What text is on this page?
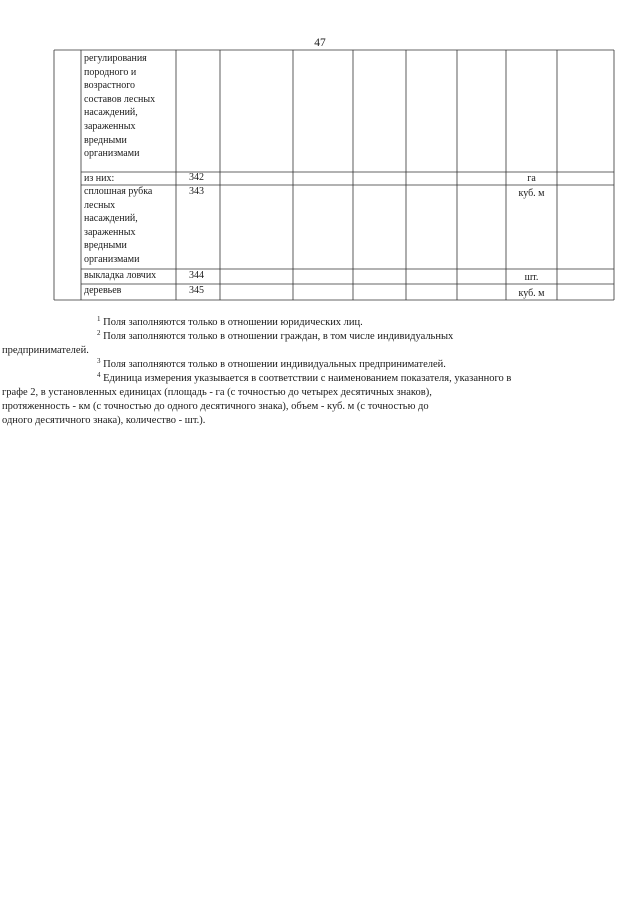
47
регулирования
породного и
возрастного
составов лесных
насаждений,
зараженных
вредными
организмами
из них:	342	га
сплошная рубка
лесных
насаждений,
зараженных
вредными
организмами
343	куб. м
выкладка ловчих	344	шт.
деревьев	345	куб. м

$^1$ Поля заполняются только в отношении юридических лиц.

$^2$ Поля заполняются только в отношении граждан, в том числе индивидуальных
предпринимателей.

$^3$ Поля заполняются только в отношении индивидуальных предпринимателей.

$^4$ Единица измерения указывается в соответствии с наименованием показателя, указанного в
графе 2, в установленных единицах (площадь - га (с точностью до четырех десятичных знаков),
протяженность - км (с точностью до одного десятичного знака), объем - куб. м (с точностью до
одного десятичного знака), количество - шт.).
